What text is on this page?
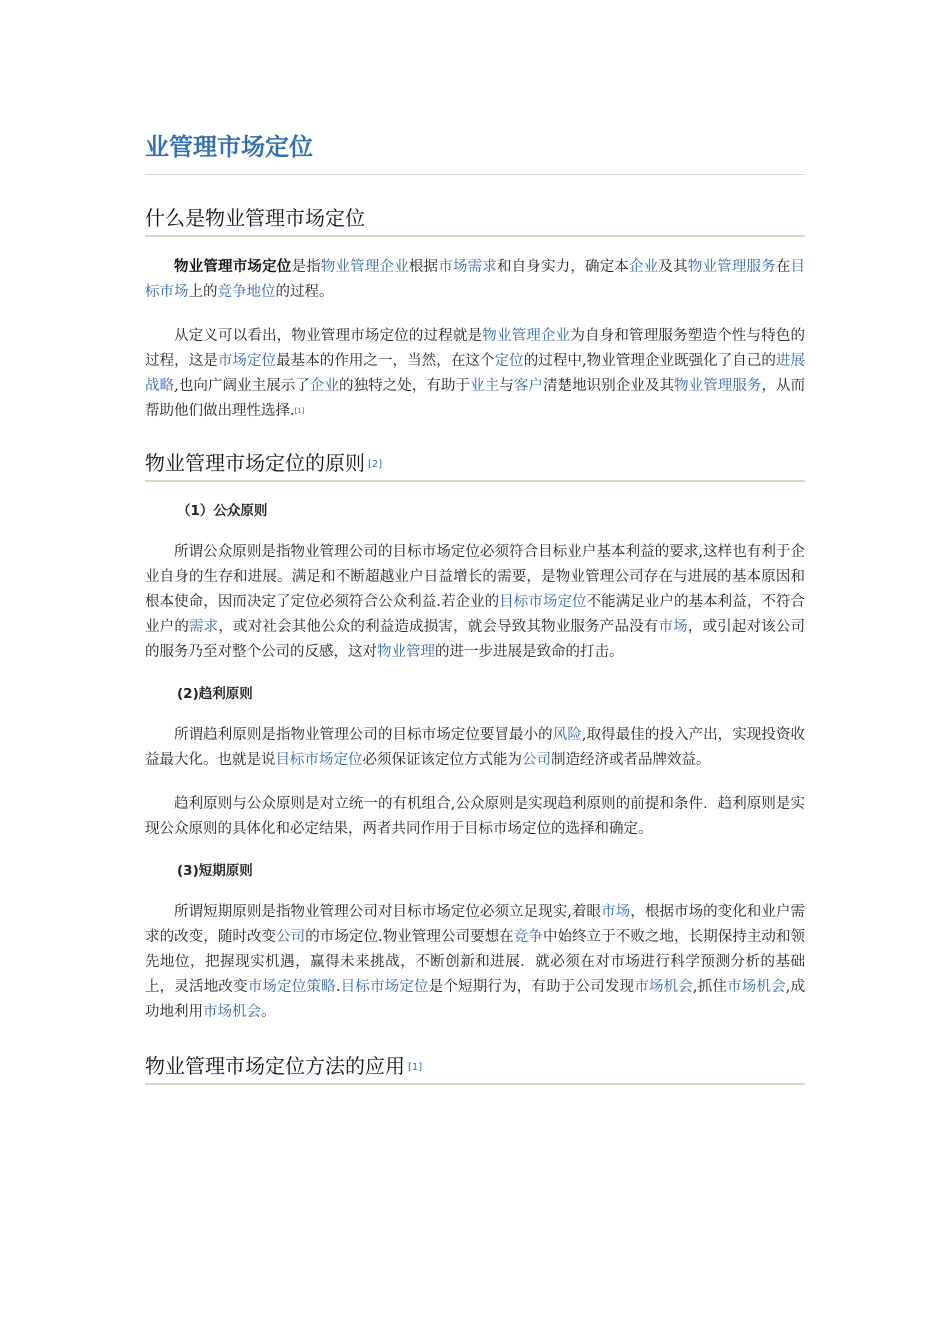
业管理市场定位
什么是物业管理市场定位

物业管理市场定位是指物业管理企业根据市场需求和自身实力，确定本企业及其物业管理服务在目标市场上的竞争地位的过程。

从定义可以看出，物业管理市场定位的过程就是物业管理企业为自身和管理服务塑造个性与特色的过程，这是市场定位最基本的作用之一，当然，在这个定位的过程中,物业管理企业既强化了自己的进展战略,也向广阔业主展示了企业的独特之处，有助于业主与客户清楚地识别企业及其物业管理服务，从而帮助他们做出理性选择.[1]

物业管理市场定位的原则 [2]
（1）公众原则

所谓公众原则是指物业管理公司的目标市场定位必须符合目标业户基本利益的要求,这样也有利于企业自身的生存和进展。满足和不断超越业户日益增长的需要，是物业管理公司存在与进展的基本原因和根本使命，因而决定了定位必须符合公众利益.若企业的目标市场定位不能满足业户的基本利益，不符合业户的需求，或对社会其他公众的利益造成损害，就会导致其物业服务产品没有市场，或引起对该公司的服务乃至对整个公司的反感，这对物业管理的进一步进展是致命的打击。

(2)趋利原则

所谓趋利原则是指物业管理公司的目标市场定位要冒最小的风险,取得最佳的投入产出，实现投资收益最大化。也就是说目标市场定位必须保证该定位方式能为公司制造经济或者品牌效益。

趋利原则与公众原则是对立统一的有机组合,公众原则是实现趋利原则的前提和条件．趋利原则是实现公众原则的具体化和必定结果，两者共同作用于目标市场定位的选择和确定。

(3)短期原则

所谓短期原则是指物业管理公司对目标市场定位必须立足现实,着眼市场，根据市场的变化和业户需求的改变，随时改变公司的市场定位.物业管理公司要想在竞争中始终立于不败之地，长期保持主动和领先地位，把握现实机遇，赢得未来挑战，不断创新和进展．就必须在对市场进行科学预测分析的基础上，灵活地改变市场定位策略.目标市场定位是个短期行为，有助于公司发现市场机会,抓住市场机会,成功地利用市场机会。

物业管理市场定位方法的应用 [1]
